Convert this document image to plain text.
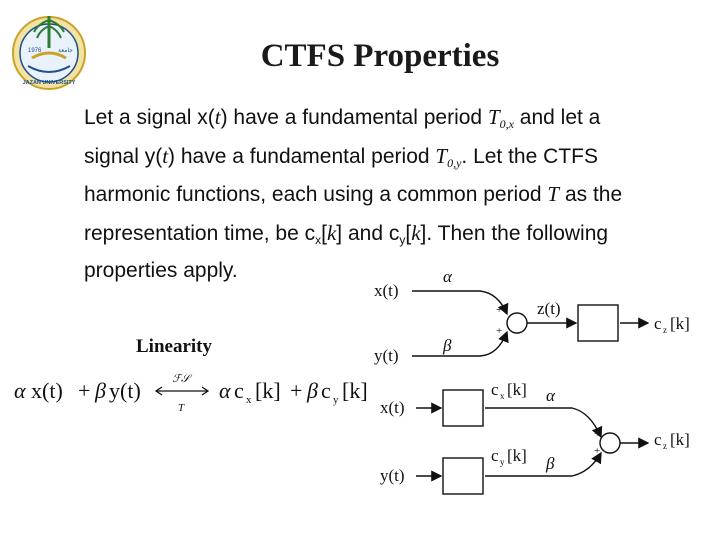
CTFS Properties
1976	جامعة
JAZAN UNIVERSITY
Let a signal x(t) have a fundamental period $T_{0,x}$ and let a
signal y(t) have a fundamental period $T_{0,y}$. Let the CTFS
harmonic functions, each using a common period T as the
representation time, be $c_x[k]$ and $c_y[k]$. Then the following
properties apply.
Linearity
α x(t) + β y(t)	ℱ𝒮
T
α c x [k] + β c y [k]
x(t)
α
y(t)
β
+
+
z(t)
c z [k]
c x [k] α
x(t)
+
+
c z [k]
c y [k] β
y(t)
